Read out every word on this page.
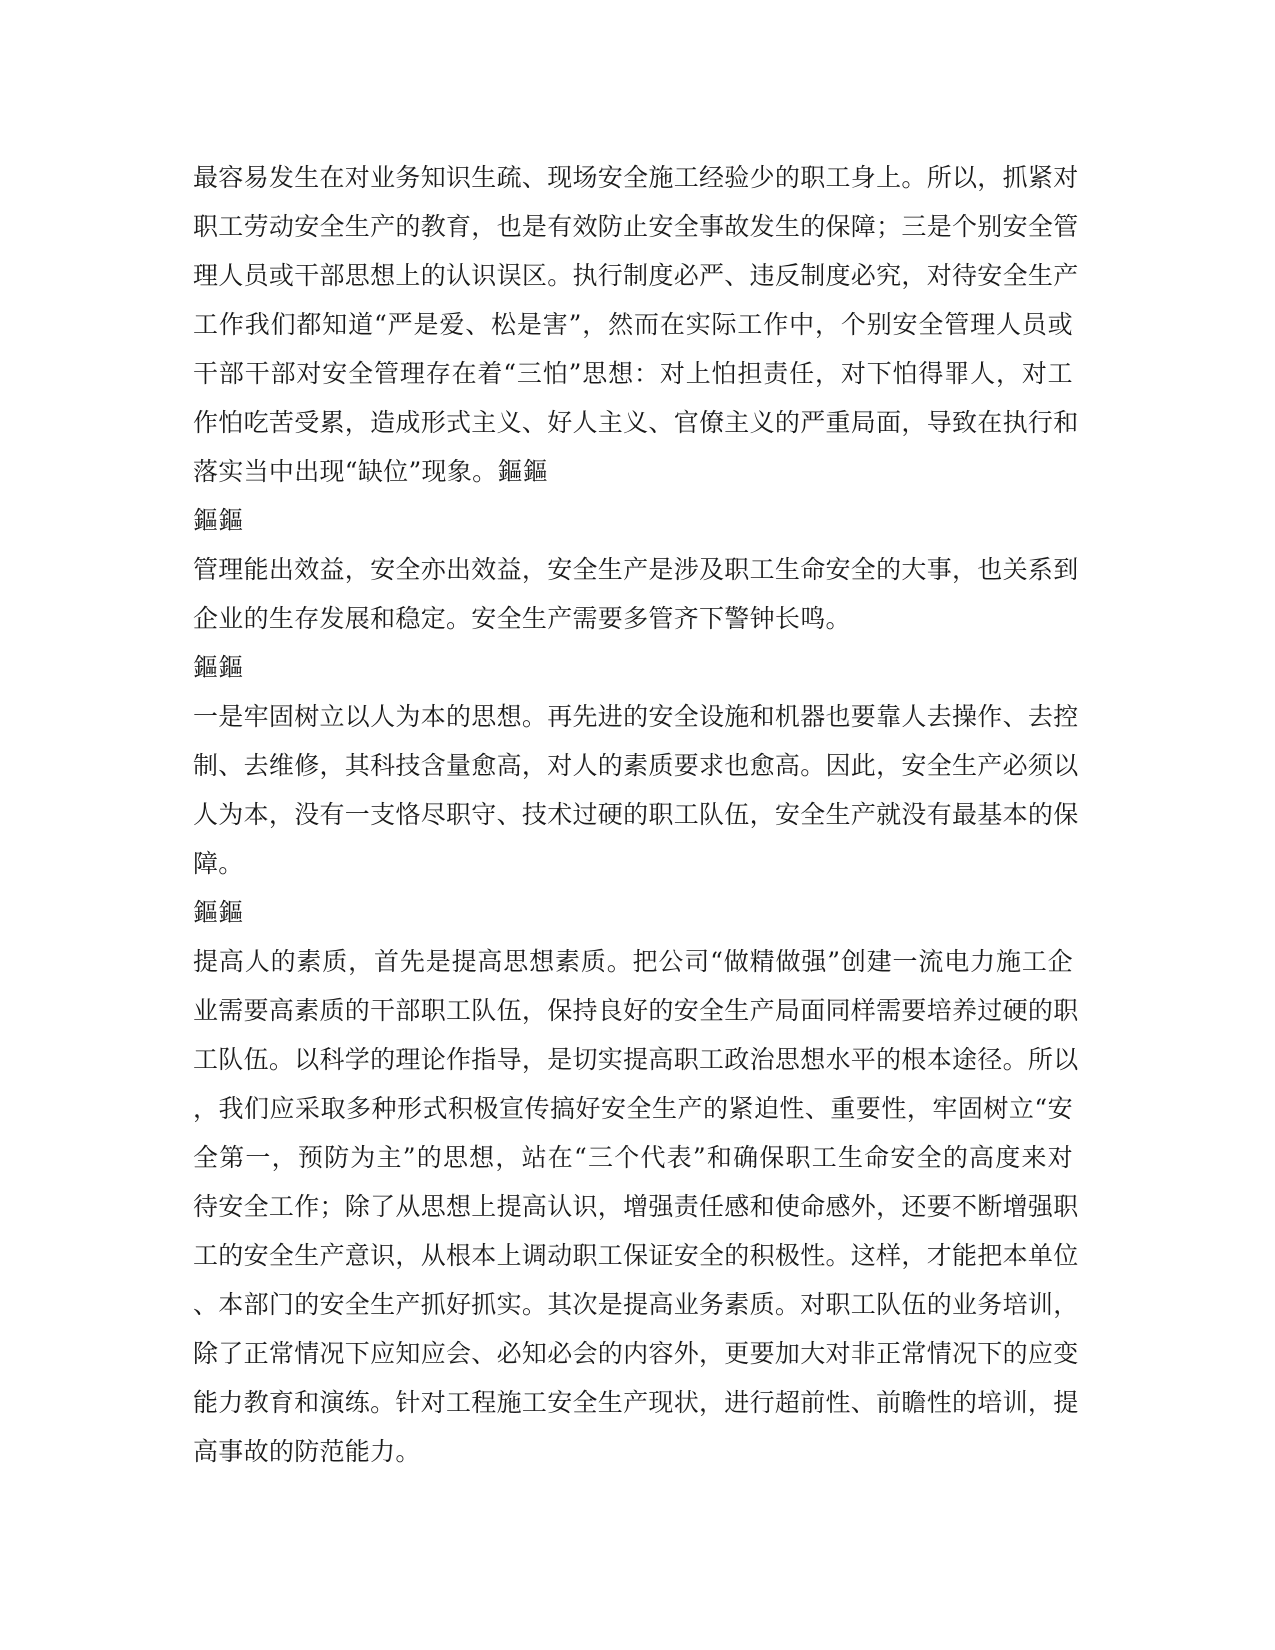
最容易发生在对业务知识生疏、现场安全施工经验少的职工身上。所以，抓紧对
职工劳动安全生产的教育，也是有效防止安全事故发生的保障；三是个别安全管
理人员或干部思想上的认识误区。执行制度必严、违反制度必究，对待安全生产
工作我们都知道“严是爱、松是害”，然而在实际工作中，个别安全管理人员或
干部干部对安全管理存在着“三怕”思想：对上怕担责任，对下怕得罪人，对工
作怕吃苦受累，造成形式主义、好人主义、官僚主义的严重局面，导致在执行和
落实当中出现“缺位”现象。鏂鏂
鏂鏂
管理能出效益，安全亦出效益，安全生产是涉及职工生命安全的大事，也关系到
企业的生存发展和稳定。安全生产需要多管齐下警钟长鸣。
鏂鏂
一是牢固树立以人为本的思想。再先进的安全设施和机器也要靠人去操作、去控
制、去维修，其科技含量愈高，对人的素质要求也愈高。因此，安全生产必须以
人为本，没有一支恪尽职守、技术过硬的职工队伍，安全生产就没有最基本的保
障。
鏂鏂
提高人的素质，首先是提高思想素质。把公司“做精做强”创建一流电力施工企
业需要高素质的干部职工队伍，保持良好的安全生产局面同样需要培养过硬的职
工队伍。以科学的理论作指导，是切实提高职工政治思想水平的根本途径。所以
，我们应采取多种形式积极宣传搞好安全生产的紧迫性、重要性，牢固树立“安
全第一，预防为主”的思想，站在“三个代表”和确保职工生命安全的高度来对
待安全工作；除了从思想上提高认识，增强责任感和使命感外，还要不断增强职
工的安全生产意识，从根本上调动职工保证安全的积极性。这样，才能把本单位
、本部门的安全生产抓好抓实。其次是提高业务素质。对职工队伍的业务培训，
除了正常情况下应知应会、必知必会的内容外，更要加大对非正常情况下的应变
能力教育和演练。针对工程施工安全生产现状，进行超前性、前瞻性的培训，提
高事故的防范能力。
